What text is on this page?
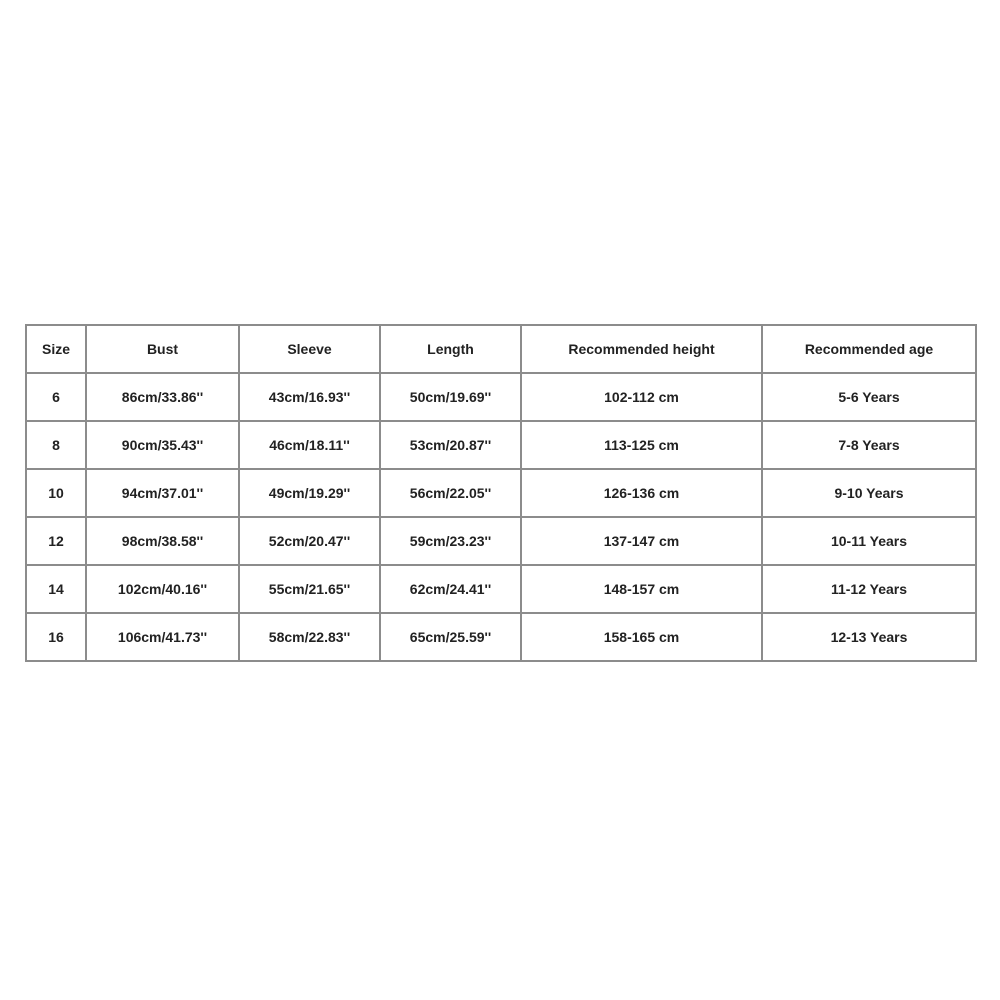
Size	Bust	Sleeve	Length	Recommended height	Recommended age
6	86cm/33.86''	43cm/16.93''	50cm/19.69''	102-112 cm	5-6 Years
8	90cm/35.43''	46cm/18.11''	53cm/20.87''	113-125 cm	7-8 Years
10	94cm/37.01''	49cm/19.29''	56cm/22.05''	126-136 cm	9-10 Years
12	98cm/38.58''	52cm/20.47''	59cm/23.23''	137-147 cm	10-11 Years
14	102cm/40.16''	55cm/21.65''	62cm/24.41''	148-157 cm	11-12 Years
16	106cm/41.73''	58cm/22.83''	65cm/25.59''	158-165 cm	12-13 Years
